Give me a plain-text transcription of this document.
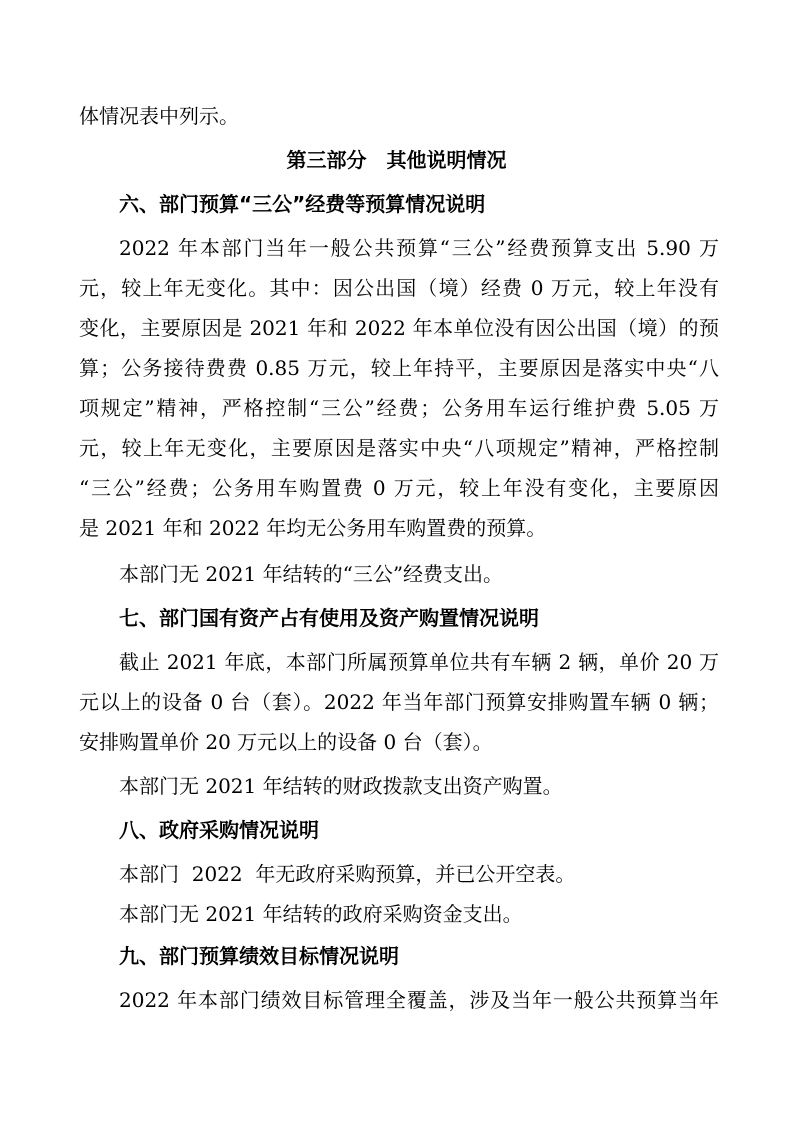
体情况表中列示。
第三部分　其他说明情况
六、部门预算“三公”经费等预算情况说明
2022 年本部门当年一般公共预算“三公”经费预算支出 5.90 万
元，较上年无变化。其中：因公出国（境）经费 0 万元，较上年没有
变化，主要原因是 2021 年和 2022 年本单位没有因公出国（境）的预
算；公务接待费费 0.85 万元，较上年持平，主要原因是落实中央“八
项规定”精神，严格控制“三公”经费；公务用车运行维护费 5.05 万
元，较上年无变化，主要原因是落实中央“八项规定”精神，严格控制
“三公”经费；公务用车购置费 0 万元，较上年没有变化，主要原因
是 2021 年和 2022 年均无公务用车购置费的预算。
本部门无 2021 年结转的“三公”经费支出。
七、部门国有资产占有使用及资产购置情况说明
截止 2021 年底，本部门所属预算单位共有车辆 2 辆，单价 20 万
元以上的设备 0 台（套）。2022 年当年部门预算安排购置车辆 0 辆；
安排购置单价 20 万元以上的设备 0 台（套）。
本部门无 2021 年结转的财政拨款支出资产购置。
八、政府采购情况说明
本部门  2022  年无政府采购预算，并已公开空表。
本部门无 2021 年结转的政府采购资金支出。
九、部门预算绩效目标情况说明
2022 年本部门绩效目标管理全覆盖，涉及当年一般公共预算当年
